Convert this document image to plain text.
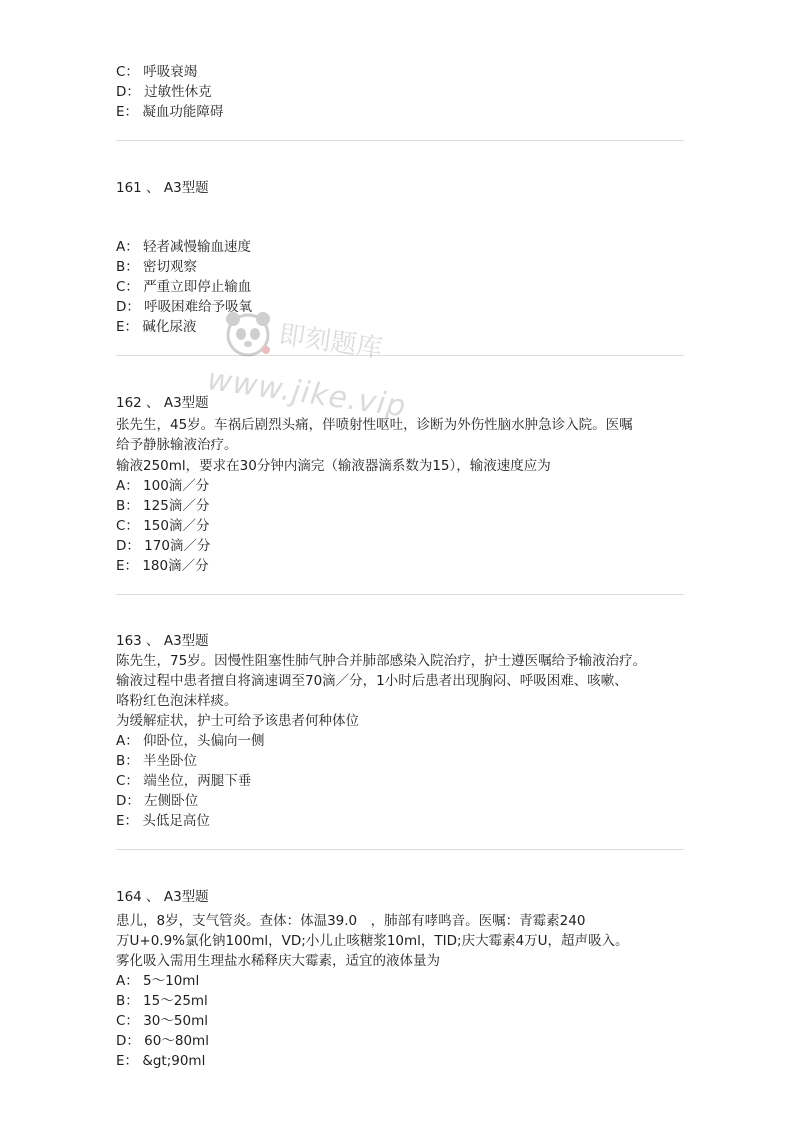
C： 呼吸衰竭
D： 过敏性休克
E： 凝血功能障碍
161 、 A3型题
A： 轻者减慢输血速度
B： 密切观察
C： 严重立即停止输血
D： 呼吸困难给予吸氧
E： 碱化尿液
162 、 A3型题
张先生，45岁。车祸后剧烈头痛，伴喷射性呕吐，诊断为外伤性脑水肿急诊入院。医嘱
给予静脉输液治疗。
输液250ml，要求在30分钟内滴完（输液器滴系数为15），输液速度应为
A： 100滴／分
B： 125滴／分
C： 150滴／分
D： 170滴／分
E： 180滴／分
163 、 A3型题
陈先生，75岁。因慢性阻塞性肺气肿合并肺部感染入院治疗，护士遵医嘱给予输液治疗。
输液过程中患者擅自将滴速调至70滴／分，1小时后患者出现胸闷、呼吸困难、咳嗽、
咯粉红色泡沫样痰。
为缓解症状，护士可给予该患者何种体位
A： 仰卧位，头偏向一侧
B： 半坐卧位
C： 端坐位，两腿下垂
D： 左侧卧位
E： 头低足高位
164 、 A3型题
患儿，8岁，支气管炎。查体：体温39.0　，肺部有哮鸣音。医嘱：青霉素240
万U+0.9%氯化钠100ml，VD;小儿止咳糖浆10ml，TID;庆大霉素4万U，超声吸入。
雾化吸入需用生理盐水稀释庆大霉素，适宜的液体量为
A： 5～10ml
B： 15～25ml
C： 30～50ml
D： 60～80ml
E： &gt;90ml
即刻题库
www.jike.vip
